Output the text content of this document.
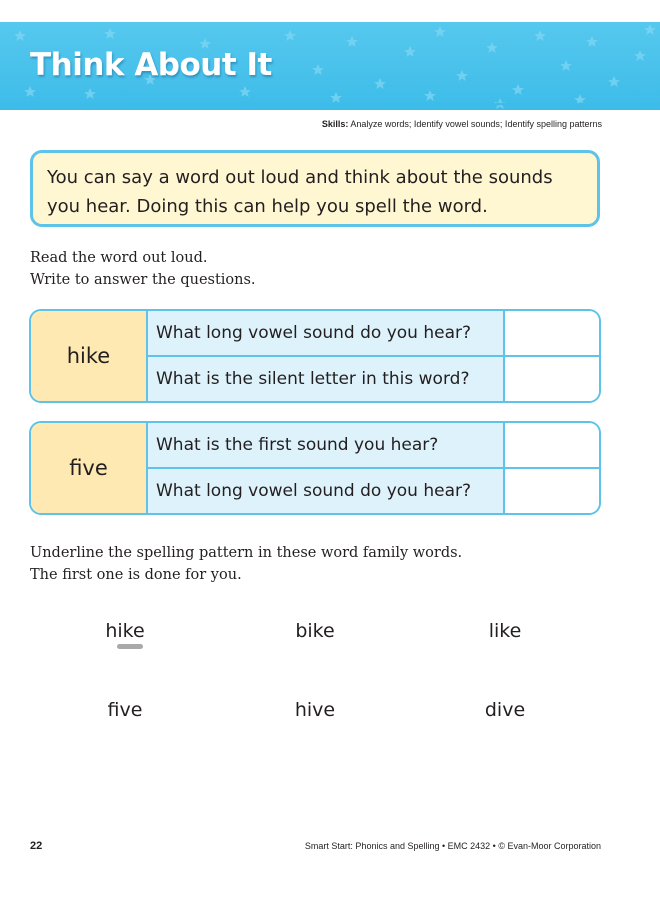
Think About It
Skills: Analyze words; Identify vowel sounds; Identify spelling patterns
You can say a word out loud and think about the sounds
you hear. Doing this can help you spell the word.
Read the word out loud.
Write to answer the questions.
hike
What long vowel sound do you hear?
What is the silent letter in this word?
five
What is the first sound you hear?
What long vowel sound do you hear?
Underline the spelling pattern in these word family words.
The first one is done for you.
hike	bike	like
five	hive	dive
22	Smart Start: Phonics and Spelling • EMC 2432 • © Evan-Moor Corporation
